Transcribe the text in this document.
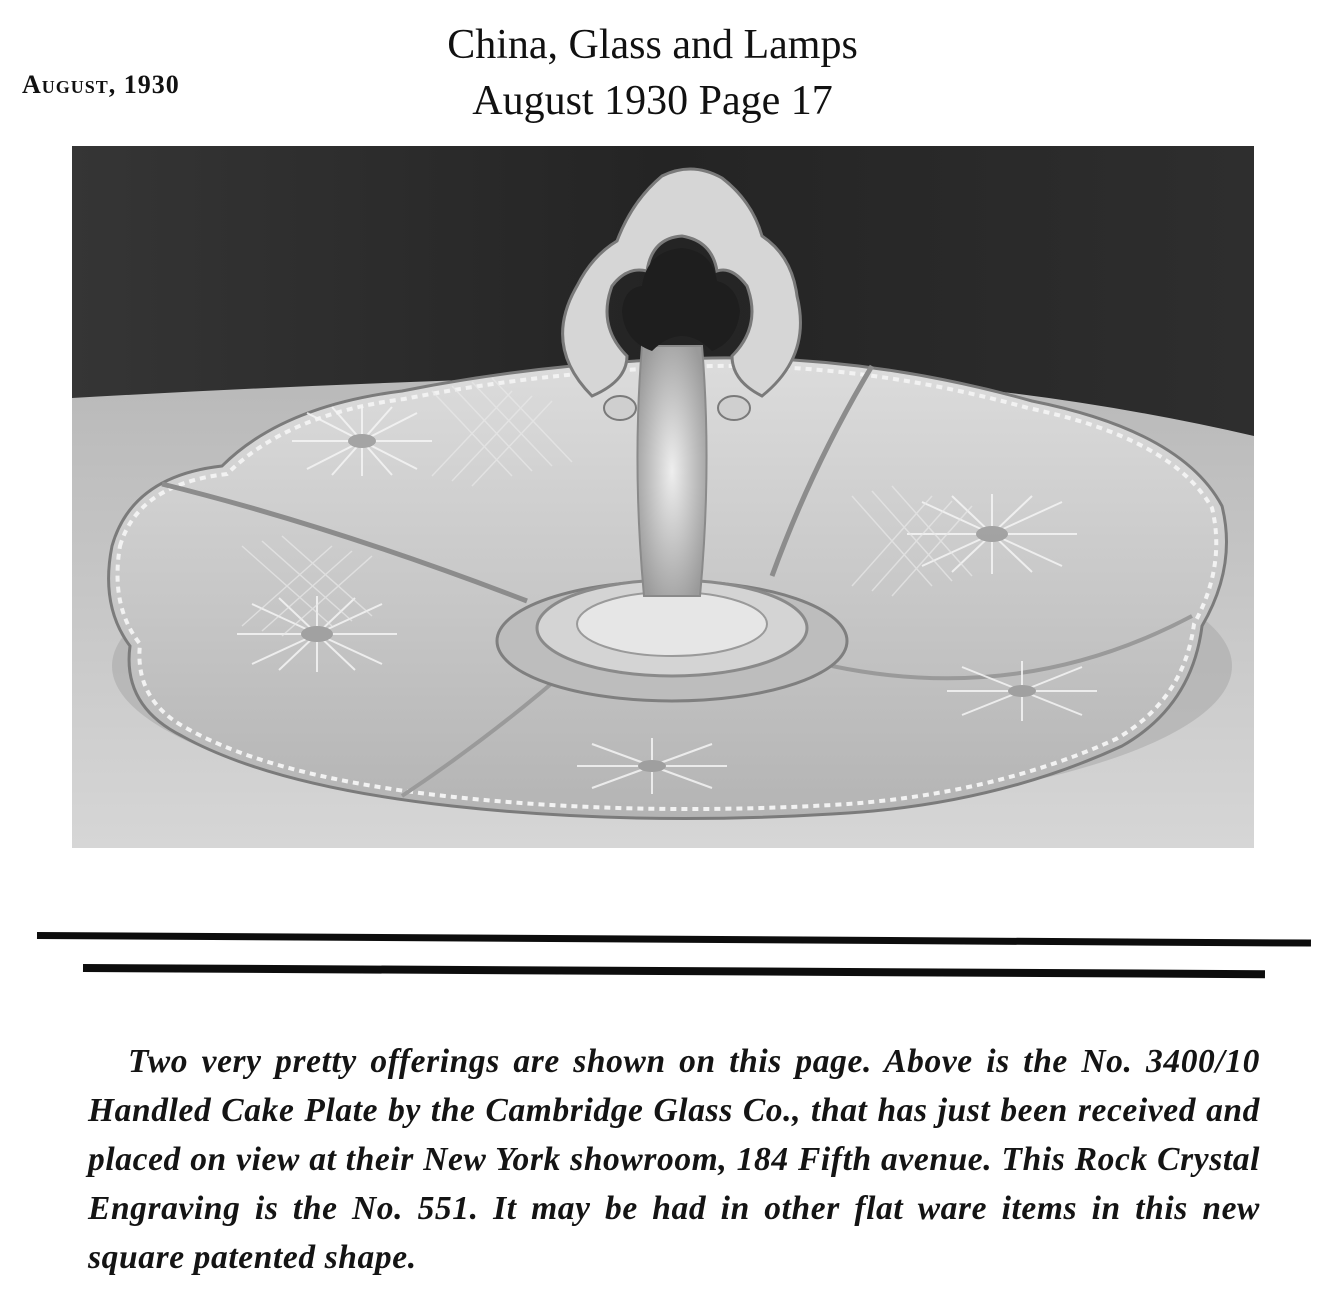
August, 1930
China, Glass and Lamps
August 1930 Page 17

Two very pretty offerings are shown on this page. Above is the No. 3400/10 Handled Cake Plate by the Cambridge Glass Co., that has just been received and placed on view at their New York showroom, 184 Fifth avenue. This Rock Crystal Engraving is the No. 551. It may be had in other flat ware items in this new square patented shape.
